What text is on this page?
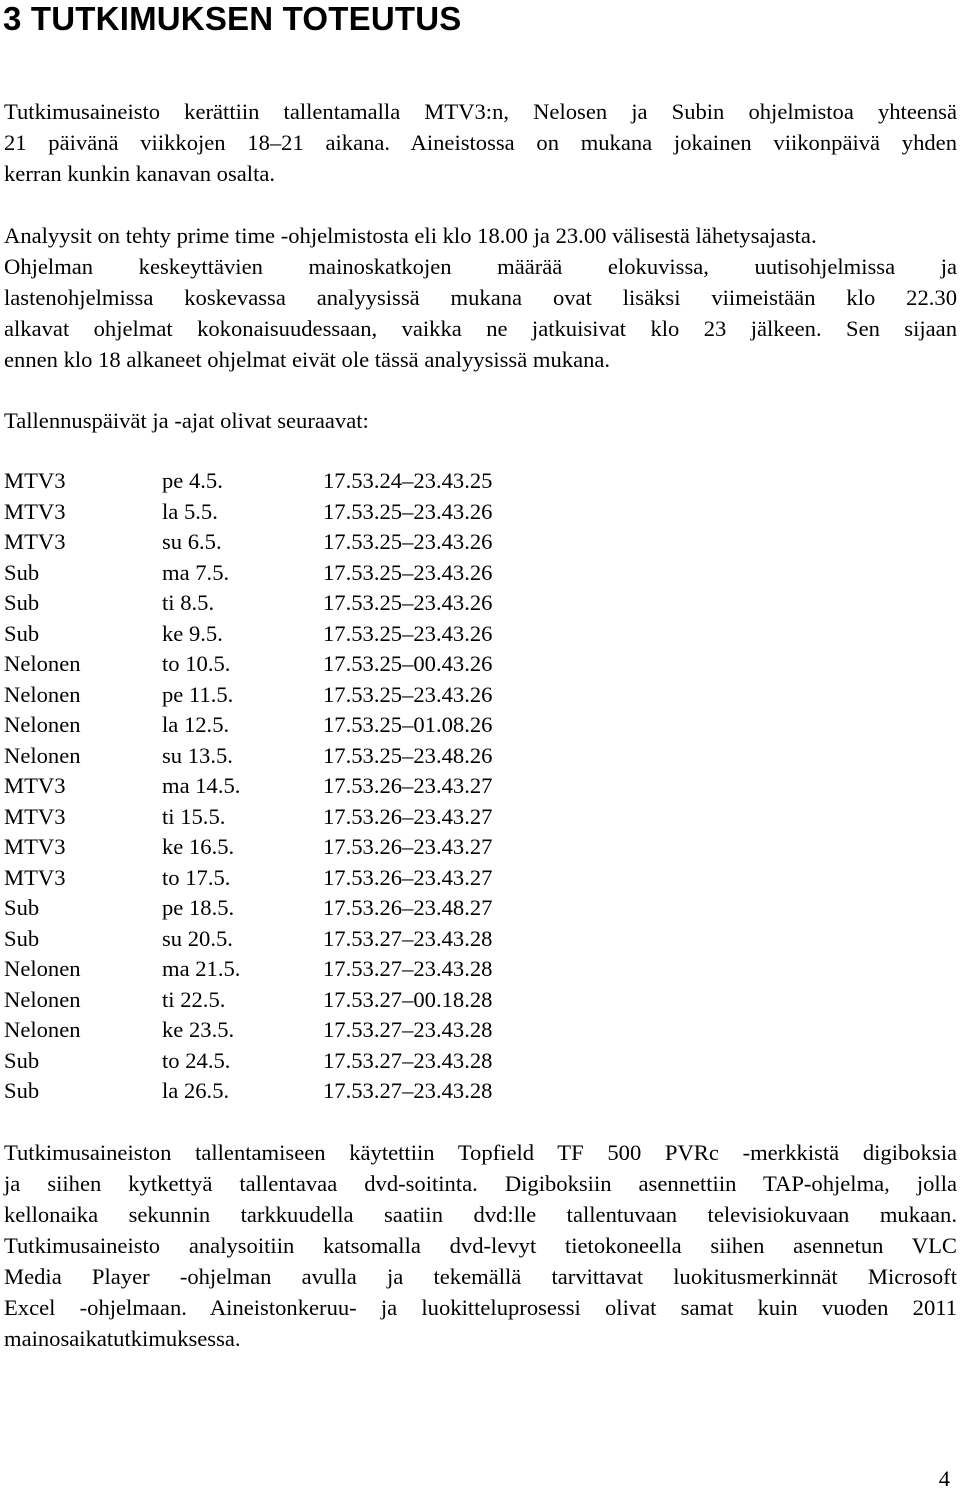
3 TUTKIMUKSEN TOTEUTUS

Tutkimusaineisto kerättiin tallentamalla MTV3:n, Nelosen ja Subin ohjelmistoa yhteensä
21 päivänä viikkojen 18–21 aikana. Aineistossa on mukana jokainen viikonpäivä yhden
kerran kunkin kanavan osalta.

Analyysit on tehty prime time -ohjelmistosta eli klo 18.00 ja 23.00 välisestä lähetysajasta.
Ohjelman keskeyttävien mainoskatkojen määrää elokuvissa, uutisohjelmissa ja
lastenohjelmissa koskevassa analyysissä mukana ovat lisäksi viimeistään klo 22.30
alkavat ohjelmat kokonaisuudessaan, vaikka ne jatkuisivat klo 23 jälkeen. Sen sijaan
ennen klo 18 alkaneet ohjelmat eivät ole tässä analyysissä mukana.

Tallennuspäivät ja -ajat olivat seuraavat:

MTV3	pe 4.5.	17.53.24–23.43.25
MTV3	la 5.5.	17.53.25–23.43.26
MTV3	su 6.5.	17.53.25–23.43.26
Sub	ma 7.5.	17.53.25–23.43.26
Sub	ti 8.5.	17.53.25–23.43.26
Sub	ke 9.5.	17.53.25–23.43.26
Nelonen	to 10.5.	17.53.25–00.43.26
Nelonen	pe 11.5.	17.53.25–23.43.26
Nelonen	la 12.5.	17.53.25–01.08.26
Nelonen	su 13.5.	17.53.25–23.48.26
MTV3	ma 14.5.	17.53.26–23.43.27
MTV3	ti 15.5.	17.53.26–23.43.27
MTV3	ke 16.5.	17.53.26–23.43.27
MTV3	to 17.5.	17.53.26–23.43.27
Sub	pe 18.5.	17.53.26–23.48.27
Sub	su 20.5.	17.53.27–23.43.28
Nelonen	ma 21.5.	17.53.27–23.43.28
Nelonen	ti 22.5.	17.53.27–00.18.28
Nelonen	ke 23.5.	17.53.27–23.43.28
Sub	to 24.5.	17.53.27–23.43.28
Sub	la 26.5.	17.53.27–23.43.28

Tutkimusaineiston tallentamiseen käytettiin Topfield TF 500 PVRc -merkkistä digiboksia
ja siihen kytkettyä tallentavaa dvd-soitinta. Digiboksiin asennettiin TAP-ohjelma, jolla
kellonaika sekunnin tarkkuudella saatiin dvd:lle tallentuvaan televisiokuvaan mukaan.
Tutkimusaineisto analysoitiin katsomalla dvd-levyt tietokoneella siihen asennetun VLC
Media Player -ohjelman avulla ja tekemällä tarvittavat luokitusmerkinnät Microsoft
Excel -ohjelmaan. Aineistonkeruu- ja luokitteluprosessi olivat samat kuin vuoden 2011
mainosaikatutkimuksessa.

4
